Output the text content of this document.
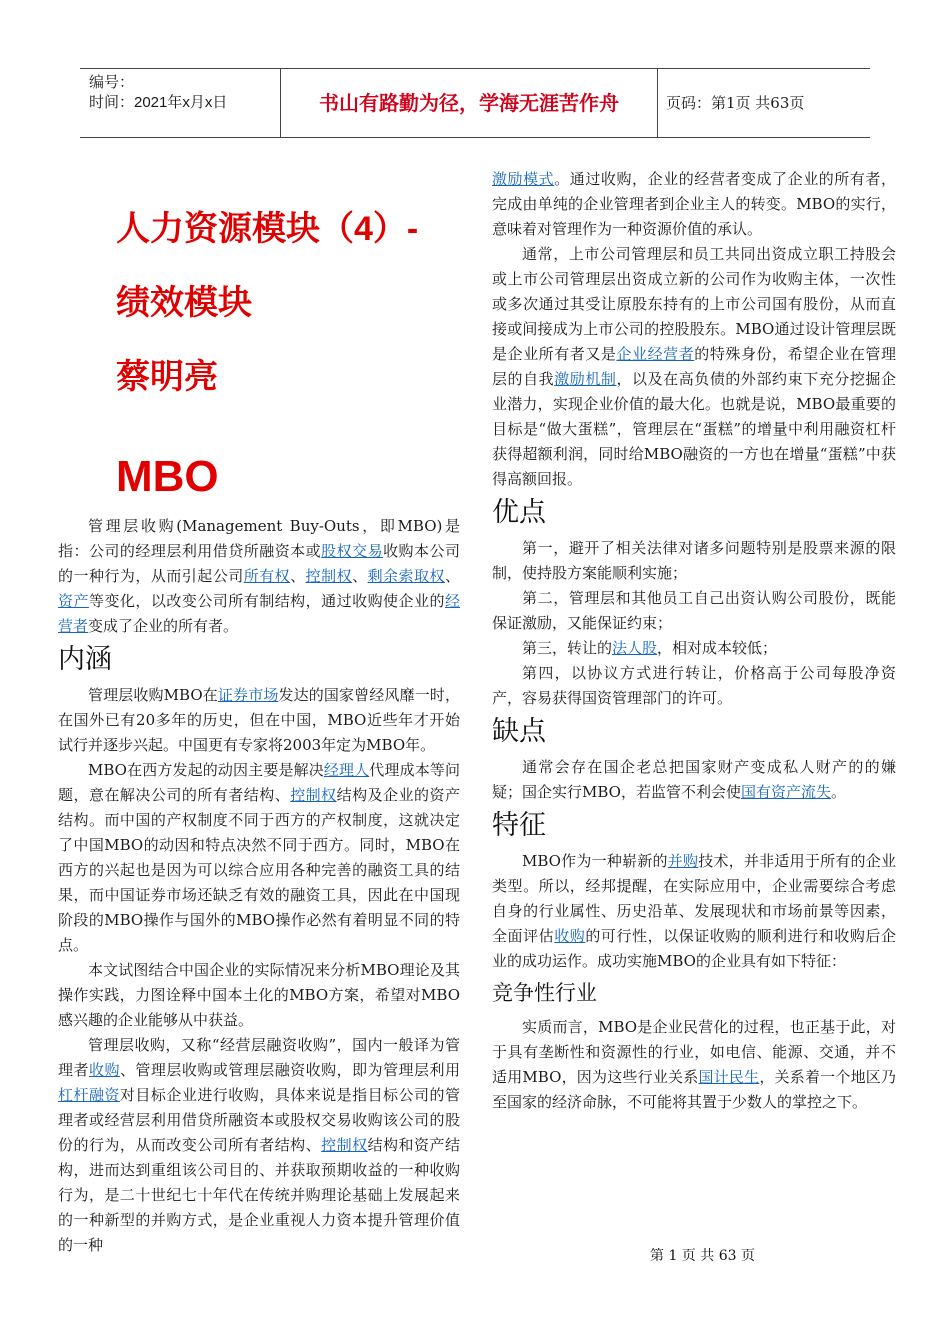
编号：
时间：2021年x月x日	书山有路勤为径，学海无涯苦作舟	页码：第1页 共63页
人力资源模块（4）-
绩效模块
蔡明亮
MBO

管理层收购(Management Buy-Outs，即MBO)是指：公司的经理层利用借贷所融资本或股权交易收购本公司的一种行为，从而引起公司所有权、控制权、剩余索取权、资产等变化，以改变公司所有制结构，通过收购使企业的经营者变成了企业的所有者。

内涵

管理层收购MBO在证券市场发达的国家曾经风靡一时，在国外已有20多年的历史，但在中国，MBO近些年才开始试行并逐步兴起。中国更有专家将2003年定为MBO年。

MBO在西方发起的动因主要是解决经理人代理成本等问题，意在解决公司的所有者结构、控制权结构及企业的资产结构。而中国的产权制度不同于西方的产权制度，这就决定了中国MBO的动因和特点决然不同于西方。同时，MBO在西方的兴起也是因为可以综合应用各种完善的融资工具的结果，而中国证券市场还缺乏有效的融资工具，因此在中国现阶段的MBO操作与国外的MBO操作必然有着明显不同的特点。

本文试图结合中国企业的实际情况来分析MBO理论及其操作实践，力图诠释中国本土化的MBO方案，希望对MBO感兴趣的企业能够从中获益。

管理层收购，又称“经营层融资收购”，国内一般译为管理者收购、管理层收购或管理层融资收购，即为管理层利用杠杆融资对目标企业进行收购，具体来说是指目标公司的管理者或经营层利用借贷所融资本或股权交易收购该公司的股份的行为，从而改变公司所有者结构、控制权结构和资产结构，进而达到重组该公司目的、并获取预期收益的一种收购行为，是二十世纪七十年代在传统并购理论基础上发展起来的一种新型的并购方式，是企业重视人力资本提升管理价值的一种

激励模式。通过收购，企业的经营者变成了企业的所有者，完成由单纯的企业管理者到企业主人的转变。MBO的实行，意味着对管理作为一种资源价值的承认。

通常，上市公司管理层和员工共同出资成立职工持股会或上市公司管理层出资成立新的公司作为收购主体，一次性或多次通过其受让原股东持有的上市公司国有股份，从而直接或间接成为上市公司的控股股东。MBO通过设计管理层既是企业所有者又是企业经营者的特殊身份，希望企业在管理层的自我激励机制，以及在高负债的外部约束下充分挖掘企业潜力，实现企业价值的最大化。也就是说，MBO最重要的目标是“做大蛋糕”，管理层在“蛋糕”的增量中利用融资杠杆获得超额利润，同时给MBO融资的一方也在增量“蛋糕”中获得高额回报。

优点

第一，避开了相关法律对诸多问题特别是股票来源的限制，使持股方案能顺利实施；

第二，管理层和其他员工自己出资认购公司股份，既能保证激励，又能保证约束；

第三，转让的法人股，相对成本较低；

第四，以协议方式进行转让，价格高于公司每股净资产，容易获得国资管理部门的许可。

缺点

通常会存在国企老总把国家财产变成私人财产的的嫌疑；国企实行MBO，若监管不利会使国有资产流失。

特征

MBO作为一种崭新的并购技术，并非适用于所有的企业类型。所以，经邦提醒，在实际应用中，企业需要综合考虑自身的行业属性、历史沿革、发展现状和市场前景等因素，全面评估收购的可行性，以保证收购的顺利进行和收购后企业的成功运作。成功实施MBO的企业具有如下特征：

竞争性行业

实质而言，MBO是企业民营化的过程，也正基于此，对于具有垄断性和资源性的行业，如电信、能源、交通，并不适用MBO，因为这些行业关系国计民生，关系着一个地区乃至国家的经济命脉，不可能将其置于少数人的掌控之下。

第 1 页 共 63 页
